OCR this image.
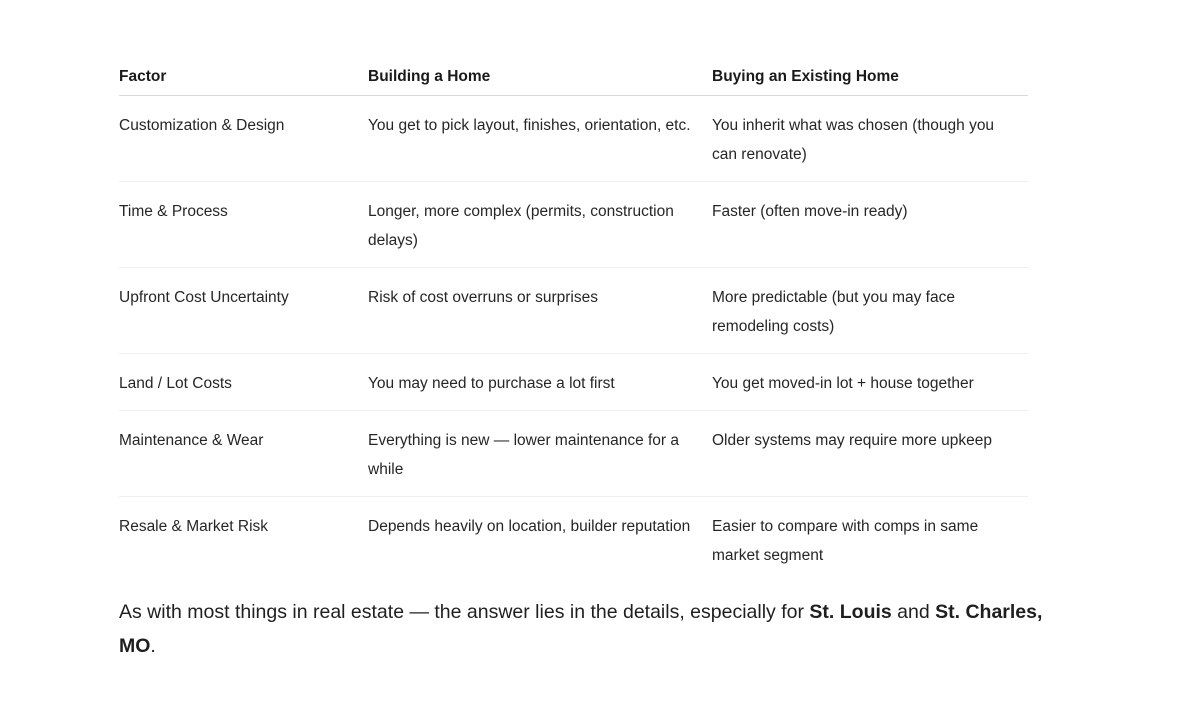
Factor	Building a Home	Buying an Existing Home
Customization & Design	You get to pick layout, finishes, orientation, etc.	You inherit what was chosen (though you can renovate)
Time & Process	Longer, more complex (permits, construction delays)	Faster (often move-in ready)
Upfront Cost Uncertainty	Risk of cost overruns or surprises	More predictable (but you may face remodeling costs)
Land / Lot Costs	You may need to purchase a lot first	You get moved-in lot + house together
Maintenance & Wear	Everything is new — lower maintenance for a while	Older systems may require more upkeep
Resale & Market Risk	Depends heavily on location, builder reputation	Easier to compare with comps in same market segment

As with most things in real estate — the answer lies in the details, especially for St. Louis and St. Charles, MO.
